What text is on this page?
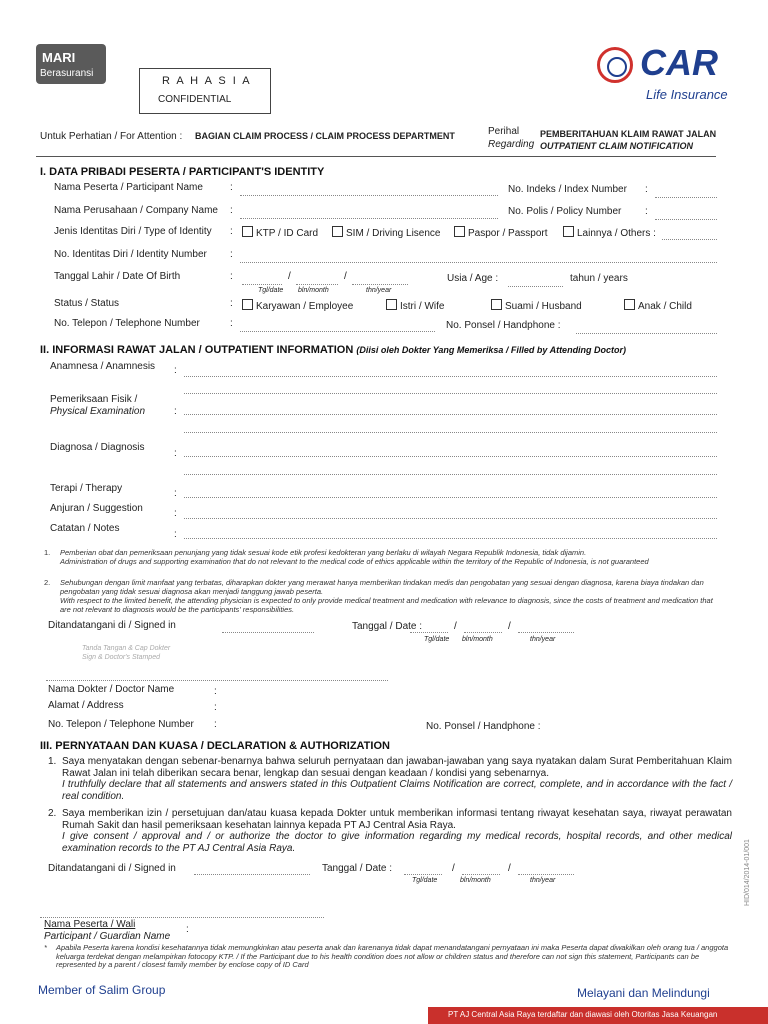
MARI
Berasuransi
R A H A S I A
CONFIDENTIAL
CAR
Life Insurance
Untuk Perhatian / For Attention : BAGIAN CLAIM PROCESS / CLAIM PROCESS DEPARTMENT	Perihal
Regarding
PEMBERITAHUAN KLAIM RAWAT JALAN
OUTPATIENT CLAIM NOTIFICATION
I. DATA PRIBADI PESERTA / PARTICIPANT'S IDENTITY
Nama Peserta / Participant Name	:	No. Indeks / Index Number :
Nama Perusahaan / Company Name :	No. Polis / Policy Number :
Jenis Identitas Diri / Type of Identity :	KTP / ID Card	SIM / Driving Lisence	Paspor / Passport	Lainnya / Others :
No. Identitas Diri / Identity Number :
Tanggal Lahir / Date Of Birth	:	/	/
Tgl/date bln/month	thn/year
Usia / Age :	tahun / years
Status / Status	:	Karyawan / Employee	Istri / Wife	Suami / Husband	Anak / Child
No. Telepon / Telephone Number	:	No. Ponsel / Handphone :
II. INFORMASI RAWAT JALAN / OUTPATIENT INFORMATION (Diisi oleh Dokter Yang Memeriksa / Filled by Attending Doctor)
Anamnesa / Anamnesis :
Pemeriksaan Fisik /
Physical Examination	:
Diagnosa / Diagnosis
:
Terapi / Therapy	:
Anjuran / Suggestion	:
Catatan / Notes
:
1. Pemberian obat dan pemeriksaan penunjang yang tidak sesuai kode etik profesi kedokteran yang berlaku di wilayah Negara Republik Indonesia, tidak dijamin.
Administration of drugs and supporting examination that do not relevant to the medical code of ethics applicable within the territory of the Republic of Indonesia, is not guaranteed
2. Sehubungan dengan limit manfaat yang terbatas, diharapkan dokter yang merawat hanya memberikan tindakan medis dan pengobatan yang sesuai dengan diagnosa, karena biaya tindakan dan pengobatan yang tidak sesuai diagnosa akan menjadi tanggung jawab peserta.
With respect to the limited benefit, the attending physician is expected to only provide medical treatment and medication with relevance to diagnosis, since the costs of treatment and medication that are not relevant to diagnosis would be the participants' responsibilities.
Ditandatangani di / Signed in	Tanggal / Date :	/	/
Tgl/date bln/month	thn/year
Tanda Tangan & Cap Dokter
Sign & Doctor's Stamped
Nama Dokter / Doctor Name	:
Alamat / Address	:
No. Telepon / Telephone Number :	No. Ponsel / Handphone :
III. PERNYATAAN DAN KUASA / DECLARATION & AUTHORIZATION
1. Saya menyatakan dengan sebenar-benarnya bahwa seluruh pernyataan dan jawaban-jawaban yang saya nyatakan dalam Surat Pemberitahuan Klaim Rawat Jalan ini telah diberikan secara benar, lengkap dan sesuai dengan keadaan / kondisi yang sebenarnya.
I truthfully declare that all statements and answers stated in this Outpatient Claims Notification are correct, complete, and in accordance with the fact / real condition.
2. Saya memberikan izin / persetujuan dan/atau kuasa kepada Dokter untuk memberikan informasi tentang riwayat kesehatan saya, riwayat perawatan Rumah Sakit dan hasil pemeriksaan kesehatan lainnya kepada PT AJ Central Asia Raya.
I give consent / approval and / or authorize the doctor to give information regarding my medical records, hospital records, and other medical examination records to the PT AJ Central Asia Raya.
Ditandatangani di / Signed in	Tanggal / Date :	/	/
Tgl/date	bln/month	thn/year
Nama Peserta / Wali
Participant / Guardian Name
:
* Apabila Peserta karena kondisi kesehatannya tidak memungkinkan atau peserta anak dan karenanya tidak dapat menandatangani pernyataan ini maka Peserta dapat diwakilkan oleh orang tua / anggota keluarga terdekat dengan melampirkan fotocopy KTP. / If the Participant due to his health condition does not allow or children status and therefore can not sign this statement, Participants can be represented by a parent / closest family member by enclose copy of ID Card
HID/014/2014-01/001
Member of Salim Group	Melayani dan Melindungi
PT AJ Central Asia Raya terdaftar dan diawasi oleh Otoritas Jasa Keuangan
